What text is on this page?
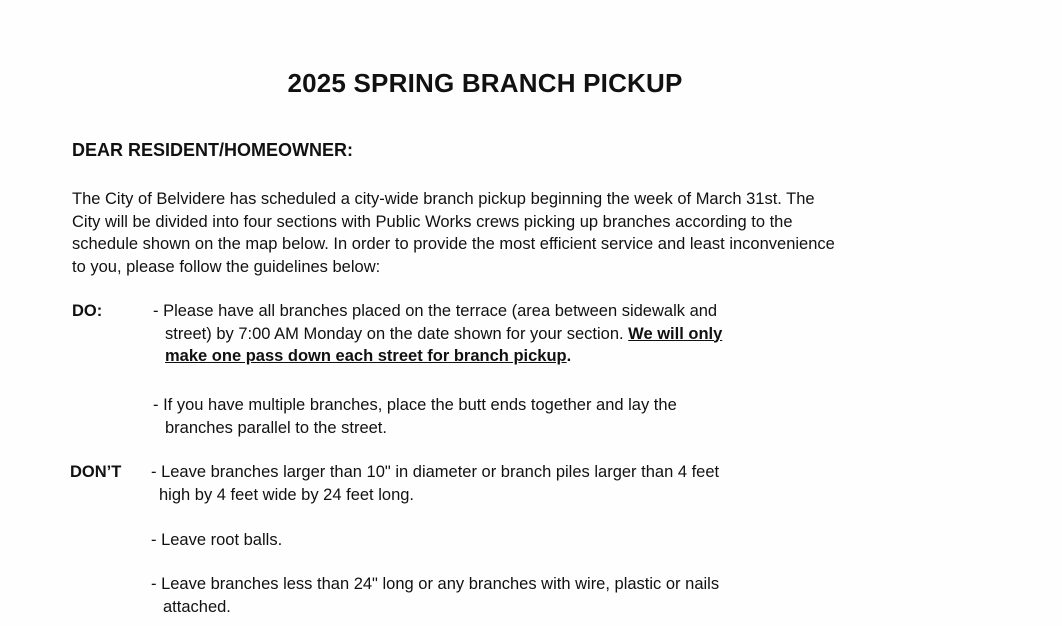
2025 SPRING BRANCH PICKUP
DEAR RESIDENT/HOMEOWNER:
The City of Belvidere has scheduled a city-wide branch pickup beginning the week of March 31st. The
City will be divided into four sections with Public Works crews picking up branches according to the
schedule shown on the map below. In order to provide the most efficient service and least inconvenience
to you, please follow the guidelines below:
DO:	- Please have all branches placed on the terrace (area between sidewalk and
street) by 7:00 AM Monday on the date shown for your section. We will only
make one pass down each street for branch pickup.
- If you have multiple branches, place the butt ends together and lay the
branches parallel to the street.
DON’T - Leave branches larger than 10" in diameter or branch piles larger than 4 feet
high by 4 feet wide by 24 feet long.
- Leave root balls.
- Leave branches less than 24" long or any branches with wire, plastic or nails
attached.
